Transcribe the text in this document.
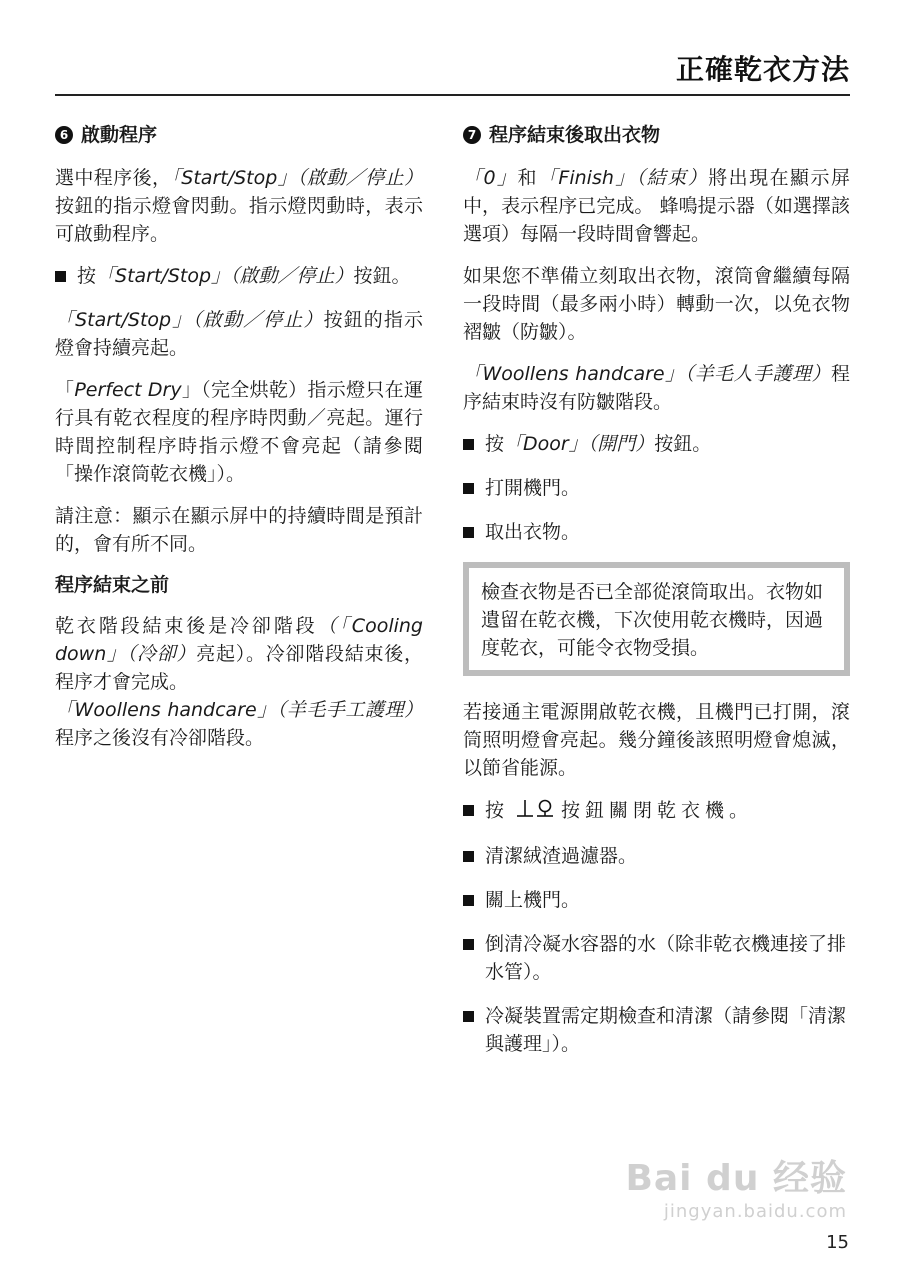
正確乾衣方法
6 啟動程序

選中程序後，「Start/Stop」（啟動／停止）按鈕的指示燈會閃動。指示燈閃動時，表示可啟動程序。

按「Start/Stop」（啟動／停止）按鈕。

「Start/Stop」（啟動／停止）按鈕的指示燈會持續亮起。

「Perfect Dry」（完全烘乾）指示燈只在運行具有乾衣程度的程序時閃動／亮起。運行時間控制程序時指示燈不會亮起（請參閱「操作滾筒乾衣機」）。

請注意：顯示在顯示屏中的持續時間是預計的，會有所不同。

程序結束之前

乾衣階段結束後是冷卻階段（「Cooling down」（冷卻）亮起）。冷卻階段結束後，程序才會完成。

「Woollens handcare」（羊毛手工護理）程序之後沒有冷卻階段。

7 程序結束後取出衣物

「0」和「Finish」（結束）將出現在顯示屏中，表示程序已完成。 蜂鳴提示器（如選擇該選項）每隔一段時間會響起。

如果您不準備立刻取出衣物，滾筒會繼續每隔一段時間（最多兩小時）轉動一次，以免衣物褶皺（防皺）。

「Woollens handcare」（羊毛人手護理）程序結束時沒有防皺階段。

按「Door」（開門）按鈕。
打開機門。
取出衣物。
檢查衣物是否已全部從滾筒取出。衣物如遺留在乾衣機，下次使用乾衣機時，因過度乾衣，可能令衣物受損。

若接通主電源開啟乾衣機，且機門已打開，滾筒照明燈會亮起。幾分鐘後該照明燈會熄滅，以節省能源。

按	按鈕關閉乾衣機。
清潔絨渣過濾器。
關上機門。
倒清冷凝水容器的水（除非乾衣機連接了排水管）。
冷凝裝置需定期檢查和清潔（請參閱「清潔與護理」）。
Bai du 经验
jingyan.baidu.com
15
